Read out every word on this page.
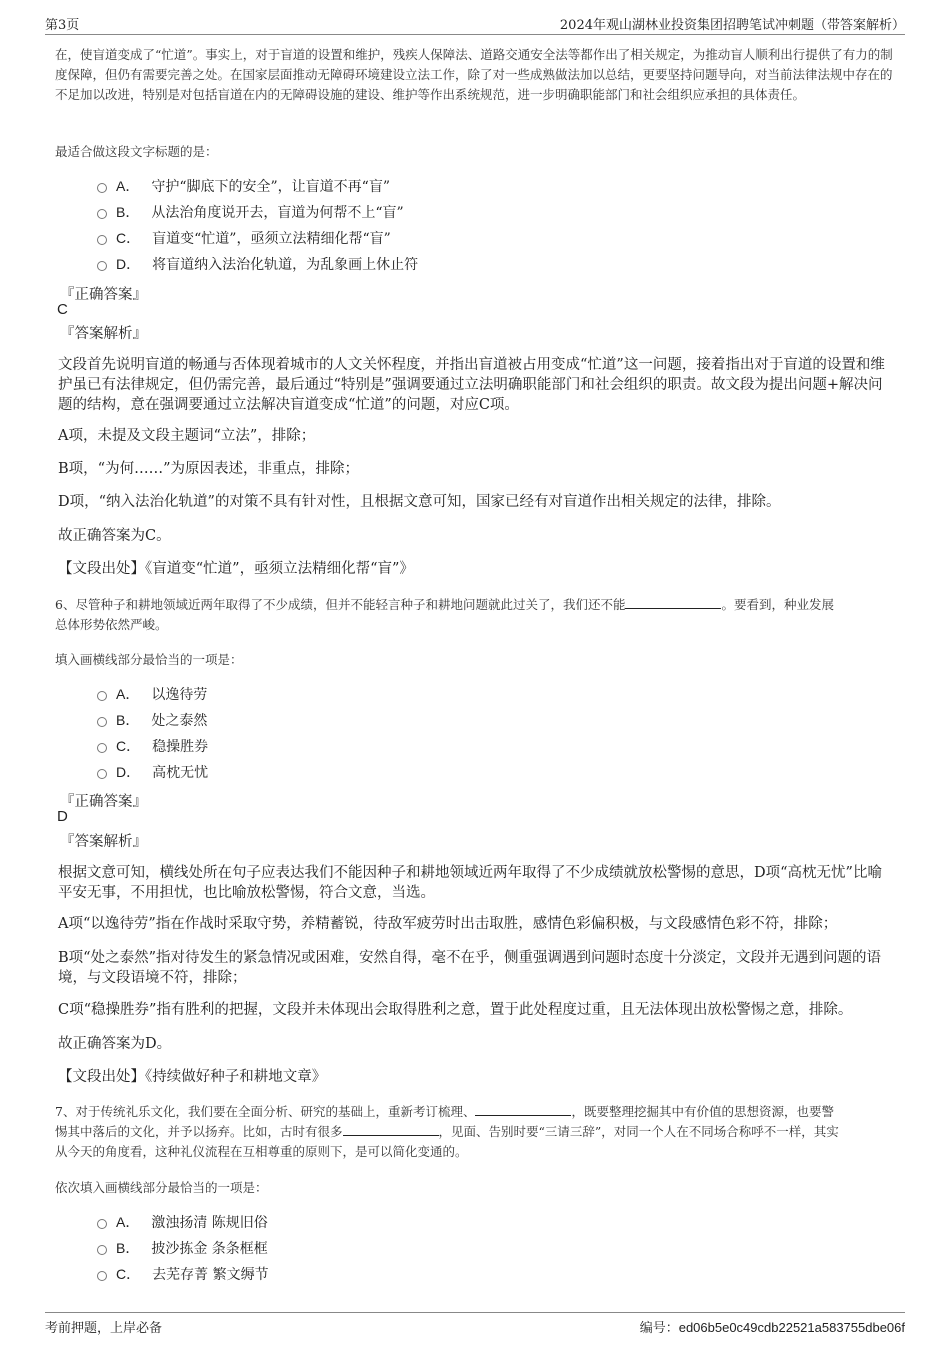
第3页	2024年观山湖林业投资集团招聘笔试冲刺题（带答案解析）
在，使盲道变成了“忙道”。事实上，对于盲道的设置和维护，残疾人保障法、道路交通安全法等都作出了相关规定，为推动盲人顺利出行提供了有力的制度保障，但仍有需要完善之处。在国家层面推动无障碍环境建设立法工作，除了对一些成熟做法加以总结，更要坚持问题导向，对当前法律法规中存在的不足加以改进，特别是对包括盲道在内的无障碍设施的建设、维护等作出系统规范，进一步明确职能部门和社会组织应承担的具体责任。
最适合做这段文字标题的是：
A． 守护“脚底下的安全”，让盲道不再“盲”
B． 从法治角度说开去，盲道为何帮不上“盲”
C． 盲道变“忙道”，亟须立法精细化帮“盲”
D． 将盲道纳入法治化轨道，为乱象画上休止符
『正确答案』
C
『答案解析』
文段首先说明盲道的畅通与否体现着城市的人文关怀程度，并指出盲道被占用变成“忙道”这一问题，接着指出对于盲道的设置和维护虽已有法律规定，但仍需完善，最后通过“特别是”强调要通过立法明确职能部门和社会组织的职责。故文段为提出问题+解决问题的结构，意在强调要通过立法解决盲道变成“忙道”的问题，对应C项。
A项，未提及文段主题词“立法”，排除；
B项，“为何……”为原因表述，非重点，排除；
D项，“纳入法治化轨道”的对策不具有针对性，且根据文意可知，国家已经有对盲道作出相关规定的法律，排除。
故正确答案为C。
【文段出处】《盲道变“忙道”，亟须立法精细化帮“盲”》
6、尽管种子和耕地领域近两年取得了不少成绩，但并不能轻言种子和耕地问题就此过关了，我们还不能	。要看到，种业发展
总体形势依然严峻。
填入画横线部分最恰当的一项是：
A． 以逸待劳
B． 处之泰然
C． 稳操胜券
D． 高枕无忧
『正确答案』
D
『答案解析』
根据文意可知，横线处所在句子应表达我们不能因种子和耕地领域近两年取得了不少成绩就放松警惕的意思，D项“高枕无忧”比喻平安无事，不用担忧，也比喻放松警惕，符合文意，当选。
A项“以逸待劳”指在作战时采取守势，养精蓄锐，待敌军疲劳时出击取胜，感情色彩偏积极，与文段感情色彩不符，排除；
B项“处之泰然”指对待发生的紧急情况或困难，安然自得，毫不在乎，侧重强调遇到问题时态度十分淡定，文段并无遇到问题的语境，与文段语境不符，排除；
C项“稳操胜券”指有胜利的把握，文段并未体现出会取得胜利之意，置于此处程度过重，且无法体现出放松警惕之意，排除。
故正确答案为D。
【文段出处】《持续做好种子和耕地文章》
7、对于传统礼乐文化，我们要在全面分析、研究的基础上，重新考订梳理、	，既要整理挖掘其中有价值的思想资源，也要警
惕其中落后的文化，并予以扬弃。比如，古时有很多	，见面、告别时要“三请三辞”，对同一个人在不同场合称呼不一样，其实
从今天的角度看，这种礼仪流程在互相尊重的原则下，是可以简化变通的。
依次填入画横线部分最恰当的一项是：
A． 激浊扬清 陈规旧俗
B． 披沙拣金 条条框框
C． 去芜存菁 繁文缛节
考前押题，上岸必备	编号：ed06b5e0c49cdb22521a583755dbe06f
